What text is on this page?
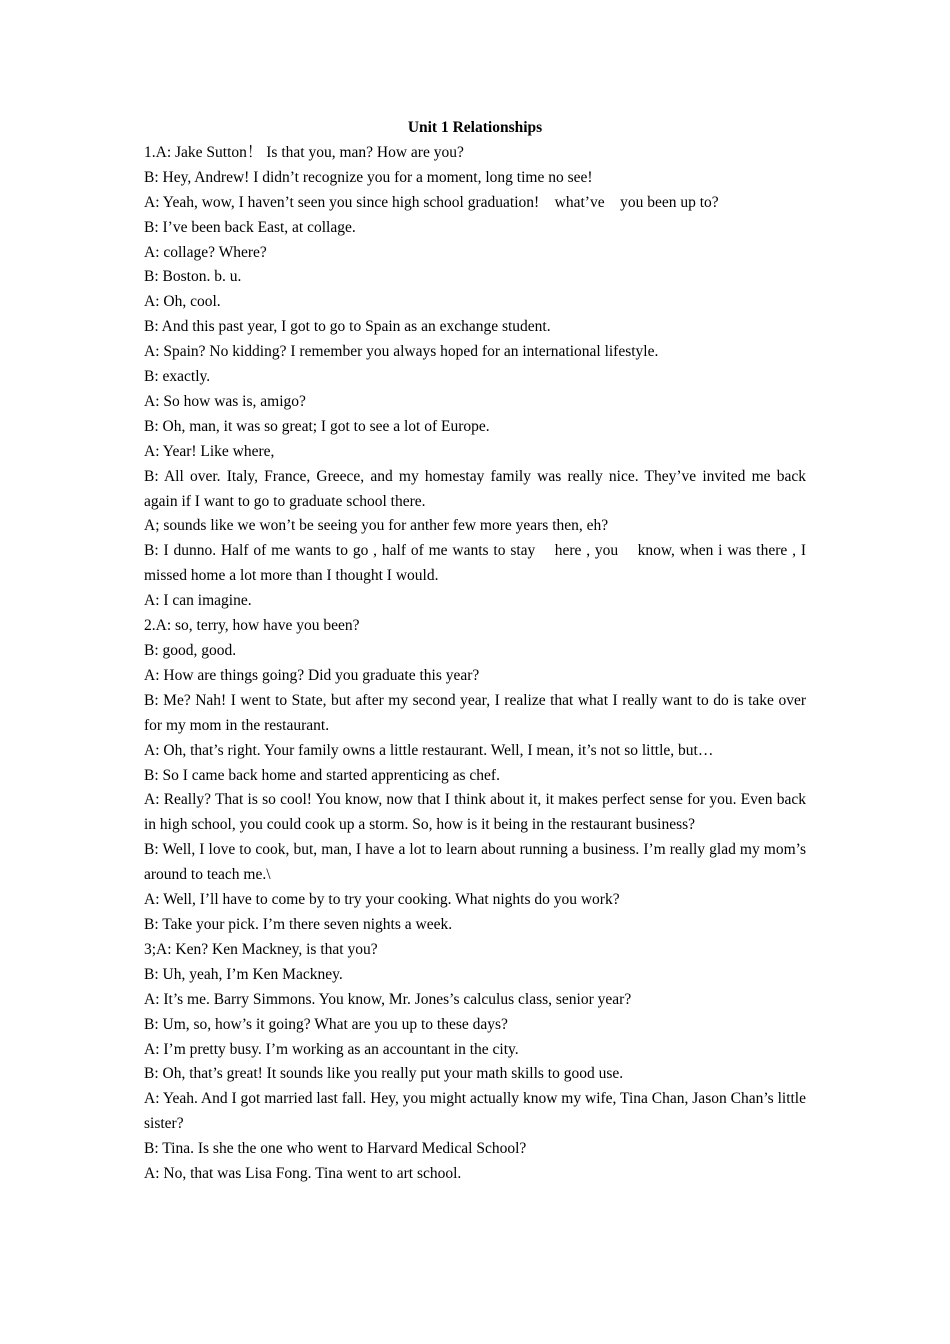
Unit 1 Relationships

1.A: Jake Sutton！ Is that you, man? How are you?

B: Hey, Andrew! I didn’t recognize you for a moment, long time no see!

A: Yeah, wow, I haven’t seen you since high school graduation!    what’ve    you been up to?

B: I’ve been back East, at collage.

A: collage? Where?

B: Boston. b. u.

A: Oh, cool.

B: And this past year, I got to go to Spain as an exchange student.

A: Spain? No kidding? I remember you always hoped for an international lifestyle.

B: exactly.

A: So how was is, amigo?

B: Oh, man, it was so great; I got to see a lot of Europe.

A: Year! Like where,

B: All over. Italy, France, Greece, and my homestay family was really nice. They’ve invited me back again if I want to go to graduate school there.

A; sounds like we won’t be seeing you for anther few more years then, eh?

B: I dunno. Half of me wants to go , half of me wants to stay    here , you    know, when i was there , I missed home a lot more than I thought I would.

A: I can imagine.

2.A: so, terry, how have you been?

B: good, good.

A: How are things going? Did you graduate this year?

B: Me? Nah! I went to State, but after my second year, I realize that what I really want to do is take over for my mom in the restaurant.

A: Oh, that’s right. Your family owns a little restaurant. Well, I mean, it’s not so little, but…

B: So I came back home and started apprenticing as chef.

A: Really? That is so cool! You know, now that I think about it, it makes perfect sense for you. Even back in high school, you could cook up a storm. So, how is it being in the restaurant business?

B: Well, I love to cook, but, man, I have a lot to learn about running a business. I’m really glad my mom’s around to teach me.\

A: Well, I’ll have to come by to try your cooking. What nights do you work?

B: Take your pick. I’m there seven nights a week.

3;A: Ken? Ken Mackney, is that you?

B: Uh, yeah, I’m Ken Mackney.

A: It’s me. Barry Simmons. You know, Mr. Jones’s calculus class, senior year?

B: Um, so, how’s it going? What are you up to these days?

A: I’m pretty busy. I’m working as an accountant in the city.

B: Oh, that’s great! It sounds like you really put your math skills to good use.

A: Yeah. And I got married last fall. Hey, you might actually know my wife, Tina Chan, Jason Chan’s little sister?

B: Tina. Is she the one who went to Harvard Medical School?

A: No, that was Lisa Fong. Tina went to art school.
